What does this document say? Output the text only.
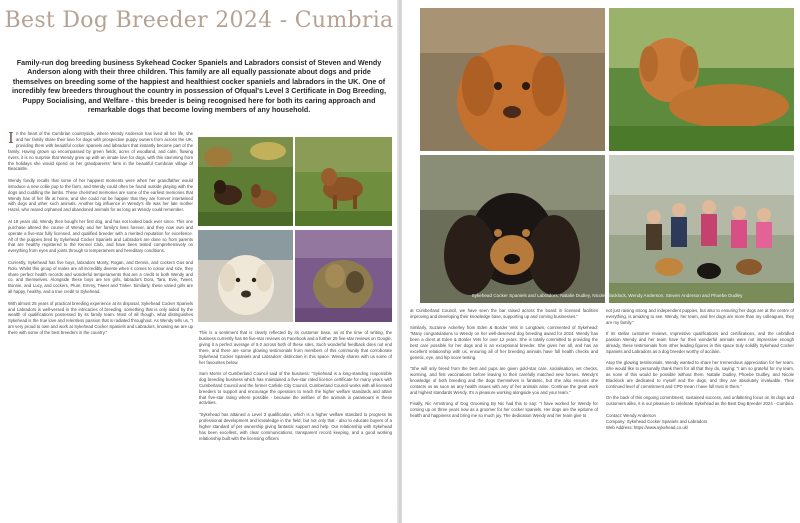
Best Dog Breeder 2024 - Cumbria
Family-run dog breeding business Sykehead Cocker Spaniels and Labradors consist of Steven and Wendy Anderson along with their three children. This family are all equally passionate about dogs and pride themselves on breeding some of the happiest and healthiest cocker spaniels and labradors in the UK. One of incredibly few breeders throughout the country in possession of Ofqual's Level 3 Certificate in Dog Breeding, Puppy Socialising, and Welfare - this breeder is being recognised here for both its caring approach and remarkable dogs that become loving members of any household.

In the heart of the Cumbrian countryside, where Wendy Anderson has lived all her life, she and her family share their love for dogs with prospective puppy owners from across the UK, providing them with beautiful cocker spaniels and labradors that instantly become part of the family. Having grown up encompassed by green fields, acres of woodland, and calm, flowing rivers, it is no surprise that Wendy grew up with an innate love for dogs, with this stemming from the holidays she would spend on her grandparents' farm in the beautiful Cumbrian village of Beacastle.

Wendy fondly recalls that some of her happiest moments were when her grandfather would introduce a new collie pup to the farm, and Wendy could often be found outside playing with the dogs and cuddling the lambs. These cherished memories are some of the earliest memories that Wendy has of her life at home, and she could not be happier that they are forever intertwined with dogs and other such animals. Another big influence in Wendy's life was her late mother Hazel, who reared orphaned and abandoned animals for as long as Wendy could remember.

At 18 years old, Wendy then bought her first dog, and has not looked back ever since. This one purchase altered the course of Wendy and her family's lives forever, and they now own and operate a five-star fully licensed, and qualified breeder with a merited reputation for excellence. All of the puppies bred by Sykehead Cocker Spaniels and Labradors are done so from parents that are healthy registered to the Kennel Club, and have been tested comprehensively on everything from eyes and joints through to temperament and hereditary conditions.

Currently, Sykehead has five boys, labradors Monty, Rogan, and Dennis, and cockers Gus and Rolo. Whilst this group of males are all incredibly diverse when it comes to colour and size, they share perfect health records and wonderful temperaments that are a credit to both Wendy and co. and themselves. Alongside these boys are ten girls, labradors Dora, Tara, Evie, Tweet, Bonnie, and Lucy, and cockers, Plum, Emmy, Tweet and Tinker. Similarly, these varied girls are all happy, healthy, and a true credit to Sykehead.

With almost 25 years of practical breeding experience at its disposal, Sykehead Cocker Spaniels and Labradors is well-versed in the intricacies of breeding, something that is only aided by the wealth of qualifications possessed by its family team. Most of all though, what distinguishes Sykehead is the true love and relentless passion that is radiated throughout. As Wendy tells us, "I am very proud to own and work at Sykehead Cocker Spaniels and Labradors, knowing we are up there with some of the best breeders in the country."	This is a sentiment that is clearly reflected by its customer base, as at the time of writing, the business currently has 66 five-star reviews on Facebook and a further 25 five-star reviews on Google, giving it a perfect average of 5.0 across both of these sites. Such wonderful feedback does not end there, and there are some glowing testimonials from members of this community that corroborate Sykehead Cocker Spaniels and Labradors' distinction in this space. Wendy shares with us some of her favourites below.

Sam Morris of Cumberland Council said of the business: "Sykehead is a long-standing responsible dog breeding business which has maintained a five-star rated licence certificate for many years with Cumberland Council and the former Carlisle City Council. Cumberland Council works with all licensed breeders to support and encourage the operators to reach the higher welfare standards and attain that five-star rating where possible - because the welfare of the animals is paramount in these activities.

"Sykehead has attained a Level 3 qualification, which is a higher welfare standard to progress its professional development and knowledge in the field, but not only that - also to educate buyers of a higher standard of pet ownership giving fantastic support and help. Our relationship with Sykehead has been excellent, with clear communications, transparent record keeping, and a good working relationship built with the licensing officers

Sykehead Cocker Spaniels and Labradors: Natalie Dudley, Nicole Blacklock, Wendy Anderson, Steven Anderson and Phoebe Dudley

at Cumberland Council, we have seen the bar raised across the board in licensed facilities improving and developing their knowledge base, supporting up and coming businesses."

Similarly, Suzanne Ackerley from Eden & Border Vets in Longtown, commented of Sykehead: "Many congratulations to Wendy on her well-deserved dog breeding award for 2024. Wendy has been a client at Eden & Border Vets for over 12 years. She is totally committed to providing the best care possible for her dogs and is an exceptional breeder. She gives her all, and has an excellent relationship with us, ensuring all of her breeding animals have full health checks and genetic, eye, and hip score testing.

"She will only breed from the best and pups are given gold-star care, socialisation, vet checks, worming, and first vaccinations before leaving to their carefully matched new homes. Wendy's knowledge of both breeding and the dogs themselves is fantastic, but she also ensures she contacts us as soon as any health issues with any of her animals arise. Continue the great work and highest standards Wendy. It's a pleasure working alongside you and your team."

Finally, Nic Armstrong of Dog Grooming By Nic had this to say: "I have worked for Wendy for coming up on three years now as a groomer for her cocker spaniels. Her dogs are the epitome of health and happiness and bring me so much joy. The dedication Wendy and her team give to

not just raising strong and independent puppies, but also to ensuring her dogs are at the centre of everything, is amazing to see. Wendy, her team, and her dogs are more than my colleagues, they are my family."

If its stellar customer reviews, impressive qualifications and certifications, and the unbridled passion Wendy and her team have for their wonderful animals were not impressive enough already, these testimonials from other leading figures in this space truly solidify Sykehead Cocker Spaniels and Labradors as a dog breeder worthy of acclaim.

Atop the glowing testimonials, Wendy wanted to share her tremendous appreciation for her team. She would like to personally thank them for all that they do, saying: "I am so grateful for my team, as none of this would be possible without them. Natalie Dudley, Phoebe Dudley, and Nicole Blacklock are dedicated to myself and the dogs, and they are absolutely invaluable. Their continued level of commitment and CPD mean I have full trust in them."

On the back of this ongoing commitment, sustained success, and unfaltering focus on its dogs and customers alike, it is our pleasure to celebrate Sykehead as the Best Dog Breeder 2024 - Cumbria.

Contact: Wendy Anderson
Company: Sykehead Cocker Spaniels and Labradors
Web Address: https://www.sykehead.co.uk/
